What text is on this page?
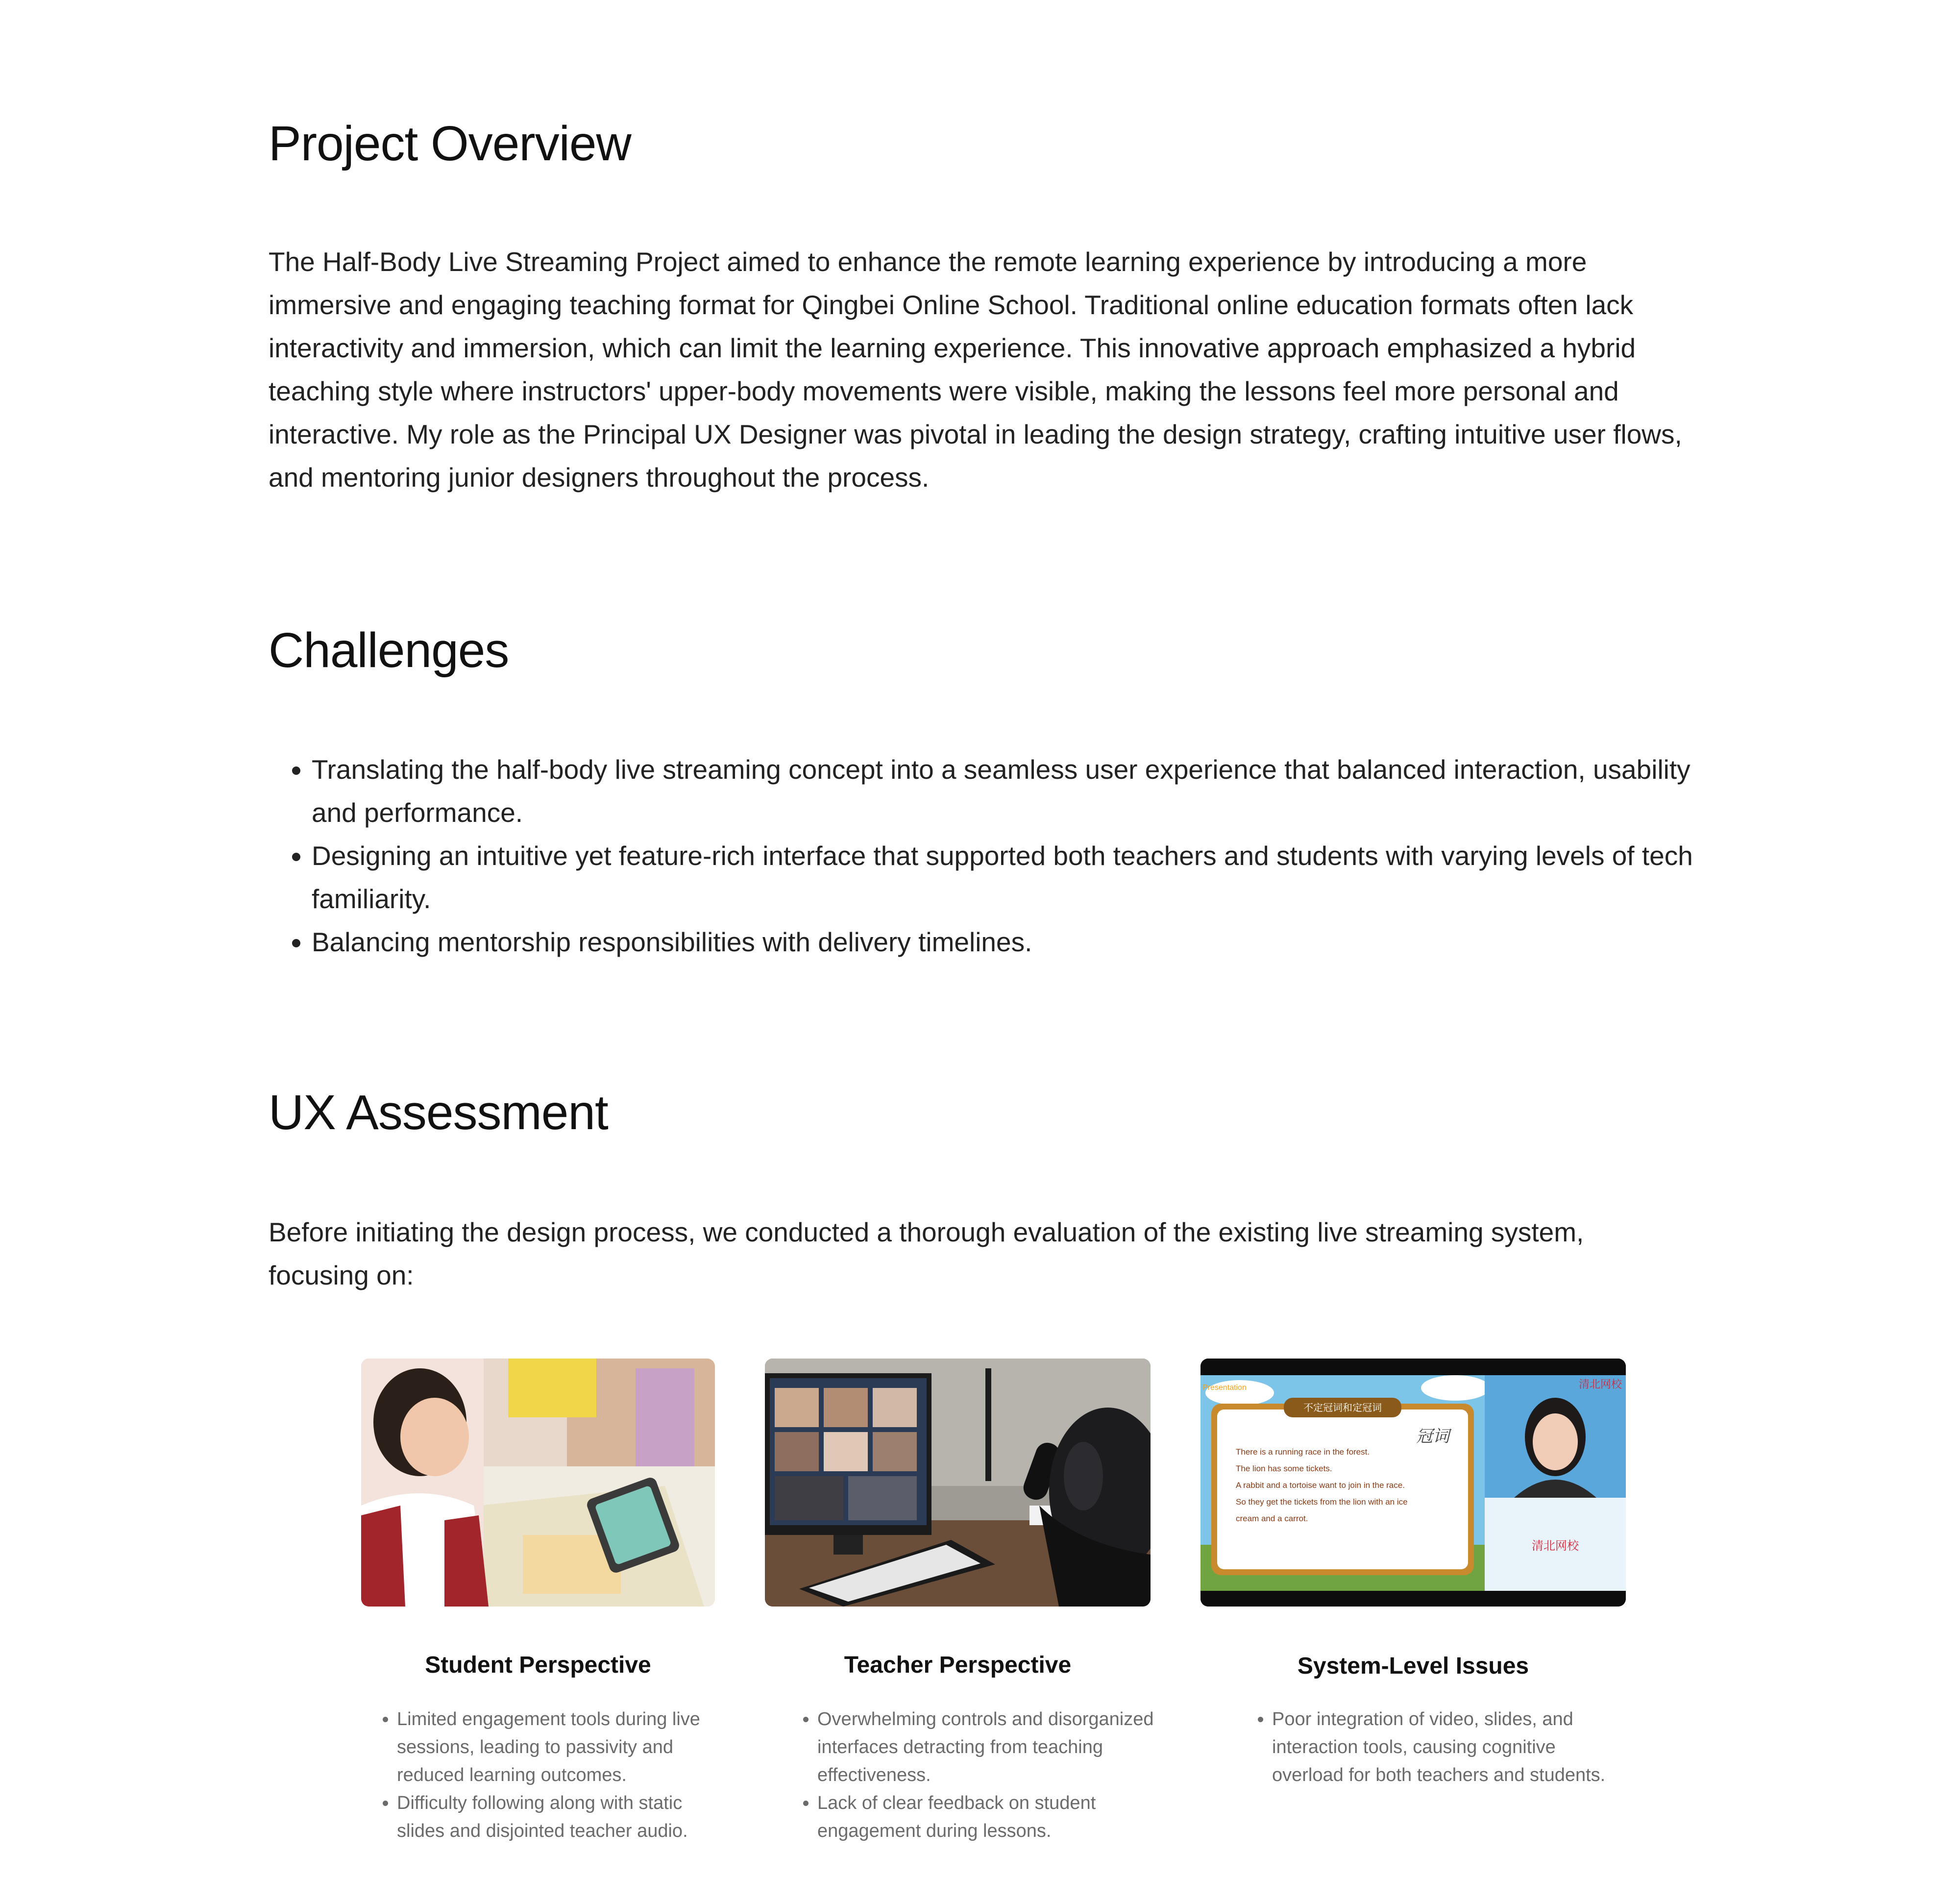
Project Overview

The Half-Body Live Streaming Project aimed to enhance the remote learning experience by introducing a more immersive and engaging teaching format for Qingbei Online School. Traditional online education formats often lack interactivity and immersion, which can limit the learning experience. This innovative approach emphasized a hybrid teaching style where instructors' upper-body movements were visible, making the lessons feel more personal and interactive. My role as the Principal UX Designer was pivotal in leading the design strategy, crafting intuitive user flows, and mentoring junior designers throughout the process.

Challenges
• Translating the half-body live streaming concept into a seamless user experience that balanced interaction, usability and performance.
• Designing an intuitive yet feature-rich interface that supported both teachers and students with varying levels of tech familiarity.
• Balancing mentorship responsibilities with delivery timelines.
UX Assessment

Before initiating the design process, we conducted a thorough evaluation of the existing live streaming system, focusing on:

Student Perspective
• Limited engagement tools during live sessions, leading to passivity and reduced learning outcomes.
• Difficulty following along with static slides and disjointed teacher audio.
Teacher Perspective
• Overwhelming controls and disorganized interfaces detracting from teaching effectiveness.
• Lack of clear feedback on student engagement during lessons.
Presentation
不定冠词和定冠词
冠词
There is a running race in the forest.
The lion has some tickets.
A rabbit and a tortoise want to join in the race.
So they get the tickets from the lion with an ice
cream and a carrot.
清北网校
清北网校
System-Level Issues
• Poor integration of video, slides, and interaction tools, causing cognitive overload for both teachers and students.
